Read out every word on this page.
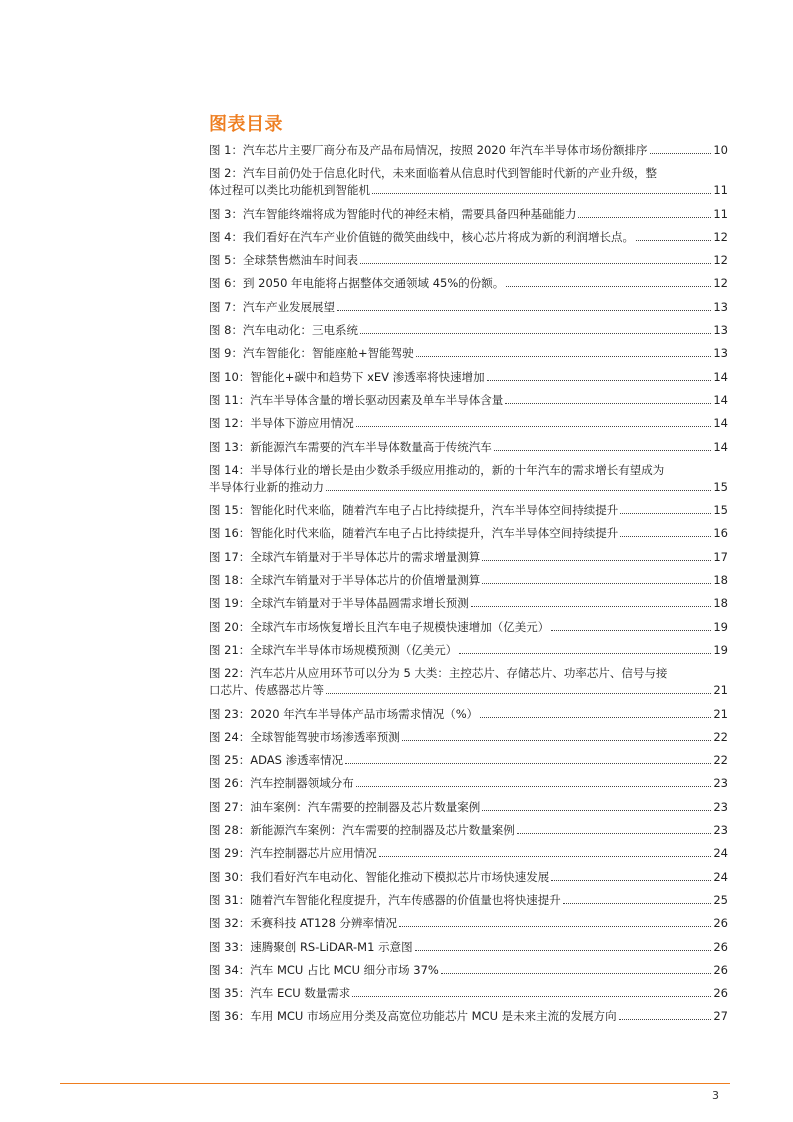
图表目录
图 1：汽车芯片主要厂商分布及产品布局情况，按照 2020 年汽车半导体市场份额排序	10
图 2：汽车目前仍处于信息化时代，未来面临着从信息时代到智能时代新的产业升级，整
体过程可以类比功能机到智能机	11
图 3：汽车智能终端将成为智能时代的神经末梢，需要具备四种基础能力	11
图 4：我们看好在汽车产业价值链的微笑曲线中，核心芯片将成为新的利润增长点。	12
图 5：全球禁售燃油车时间表	12
图 6：到 2050 年电能将占据整体交通领域 45%的份额。	12
图 7：汽车产业发展展望	13
图 8：汽车电动化：三电系统	13
图 9：汽车智能化：智能座舱+智能驾驶	13
图 10：智能化+碳中和趋势下 xEV 渗透率将快速增加	14
图 11：汽车半导体含量的增长驱动因素及单车半导体含量	14
图 12：半导体下游应用情况	14
图 13：新能源汽车需要的汽车半导体数量高于传统汽车	14
图 14：半导体行业的增长是由少数杀手级应用推动的，新的十年汽车的需求增长有望成为
半导体行业新的推动力	15
图 15：智能化时代来临，随着汽车电子占比持续提升，汽车半导体空间持续提升	15
图 16：智能化时代来临，随着汽车电子占比持续提升，汽车半导体空间持续提升	16
图 17：全球汽车销量对于半导体芯片的需求增量测算	17
图 18：全球汽车销量对于半导体芯片的价值增量测算	18
图 19：全球汽车销量对于半导体晶圆需求增长预测	18
图 20：全球汽车市场恢复增长且汽车电子规模快速增加（亿美元）	19
图 21：全球汽车半导体市场规模预测（亿美元）	19
图 22：汽车芯片从应用环节可以分为 5 大类：主控芯片、存储芯片、功率芯片、信号与接
口芯片、传感器芯片等	21
图 23：2020 年汽车半导体产品市场需求情况（%）	21
图 24：全球智能驾驶市场渗透率预测	22
图 25：ADAS 渗透率情况	22
图 26：汽车控制器领域分布	23
图 27：油车案例：汽车需要的控制器及芯片数量案例	23
图 28：新能源汽车案例：汽车需要的控制器及芯片数量案例	23
图 29：汽车控制器芯片应用情况	24
图 30：我们看好汽车电动化、智能化推动下模拟芯片市场快速发展	24
图 31：随着汽车智能化程度提升，汽车传感器的价值量也将快速提升	25
图 32：禾赛科技 AT128 分辨率情况	26
图 33：速腾聚创 RS-LiDAR-M1 示意图	26
图 34：汽车 MCU 占比 MCU 细分市场 37%	26
图 35：汽车 ECU 数量需求	26
图 36：车用 MCU 市场应用分类及高宽位功能芯片 MCU 是未来主流的发展方向	27
3
